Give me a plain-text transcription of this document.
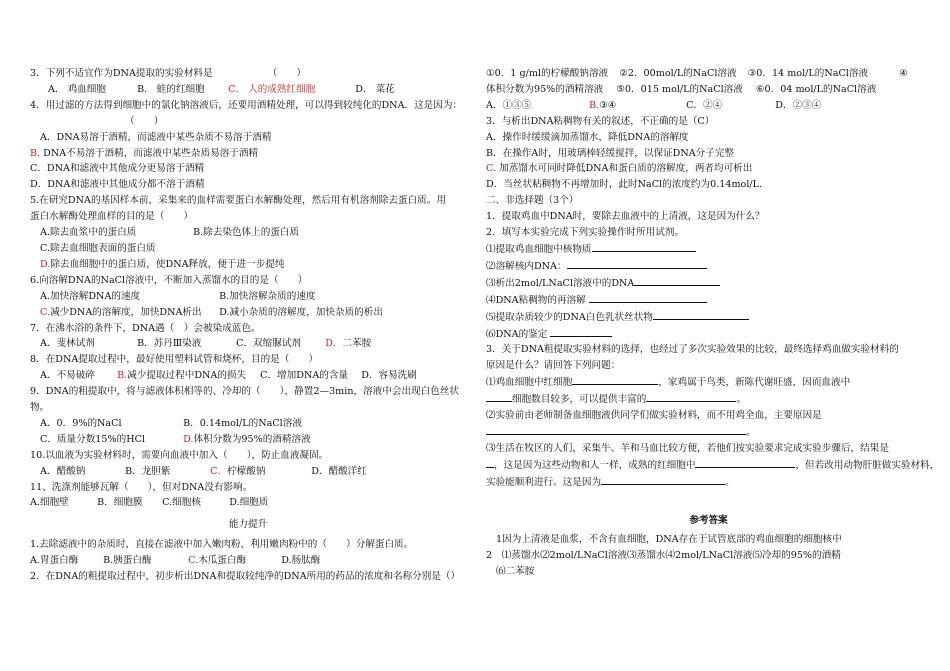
3．下列不适宜作为DNA提取的实验材料是	（　　）
A． 鸡血细胞	B． 蛙的红细胞 C． 人的成熟红细胞	D． 菜花
4．用过滤的方法得到细胞中的氯化钠溶液后，还要用酒精处理，可以得到较纯化的DNA．这是因为：
（　　）
A．DNA易溶于酒精，而滤液中某些杂质不易溶于酒精
B. DNA不易溶于酒精，而滤液中某些杂质易溶于酒精
C．DNA和滤液中其他成分更易溶于酒精
D．DNA和滤液中其他成分都不溶于酒精
5.在研究DNA的基因样本前，采集来的血样需要蛋白水解酶处理，然后用有机溶剂除去蛋白质。用
蛋白水解酶处理血样的目的是（　　）
A.除去血浆中的蛋白质	B.除去染色体上的蛋白质
C.除去血细胞表面的蛋白质
D.除去血细胞中的蛋白质，使DNA释放，便于进一步提纯
6.向溶解DNA的NaCl溶液中，不断加入蒸馏水的目的是（　　）
A.加快溶解DNA的速度	B.加快溶解杂质的速度
C.减少DNA的溶解度，加快DNA析出 D.减小杂质的溶解度，加快杂质的析出
7．在沸水浴的条件下，DNA遇（　）会被染成蓝色。
A．斐林试剂	B．苏丹Ⅲ染液	C．双缩脲试剂	D．二苯胺
8．在DNA提取过程中，最好使用塑料试管和烧杯，目的是（　　）
A．不易破碎 B.减少提取过程中DNA的损失 C．增加DNA的含量 D．容易洗刷
9．DNA的粗提取中，将与滤液体积相等的、冷却的（　　），静置2—3min，溶液中会出现白色丝状
物。
A．0．9%的NaCl	B．0.14mol/L的NaCl溶液
C．质量分数15%的HCl	D.体积分数为95%的酒精溶液
10.以血液为实验材料时，需要向血液中加入（　　），防止血液凝固。
A．醋酸钠	B．龙胆紫	C．柠檬酸钠	D．醋酸洋红
11、洗涤剂能够瓦解（　　），但对DNA没有影响。
A.细胞壁	B．细胞膜 C.细胞核	D.细胞质
能力提升
1.去除滤液中的杂质时，直接在滤液中加入嫩肉粉，利用嫩肉粉中的（　　）分解蛋白质。
A.胃蛋白酶	B.胰蛋白酶	C.木瓜蛋白酶	D.肠肽酶
2．在DNA的粗提取过程中，初步析出DNA和提取较纯净的DNA所用的药品的浓度和名称分别是（）
①0．1 g/ml的柠檬酸钠溶液 ②2．00mol/L的NaCl溶液 ③0．14 mol/L的NaCl溶液	④
体积分数为95%的酒精溶液 ⑤0．015 mol/L的NaCl溶液 ⑥0．04 mol/L的NaCl溶液
A．①③⑤	B.③④	C．②④	D．②③④
3．与析出DNA粘稠物有关的叙述，不正确的是（C）
A．操作时缓缓滴加蒸馏水，降低DNA的溶解度
B．在操作A时，用玻璃棒轻缓搅拌，以保证DNA分子完整
C. 加蒸馏水可同时降低DNA和蛋白质的溶解度，两者均可析出
D．当丝状粘稠物不再增加时，此时NaCl的浓度约为0.14mol/L.
二、非选择题（3个）
1．提取鸡血中DNA时，要除去血液中的上清液，这是因为什么？
2．填写本实验完成下列实验操作时所用试剂。
⑴提取鸡血细胞中核物质
⑵溶解核内DNA：
⑶析出2mol/LNaCl溶液中的DNA
⑷DNA粘稠物的再溶解
⑸提取杂质较少的DNA白色乳状丝状物
⑹DNA的鉴定
3．关于DNA粗提取实验材料的选择，也经过了多次实验效果的比较，最终选择鸡血做实验材料的
原因是什么？请回答下列问题：
⑴鸡血细胞中红细胞	，家鸡属于鸟类，新陈代谢旺盛，因而血液中
细胞数目较多，可以提供丰富的	。
⑵实验前由老师制备血细胞液供同学们做实验材料，而不用鸡全血，主要原因是
。
⑶生活在牧区的人们，采集牛、羊和马血比较方便，若他们按实验要求完成实验步骤后，结果是
，这是因为这些动物和人一样，成熟的红细胞中	，但若改用动物肝脏做实验材料，
实验能顺利进行。这是因为	。
参考答案
1因为上清液是血浆，不含有血细胞，DNA存在于试管底部的鸡血细胞的细胞核中
2　⑴蒸馏水⑵2mol/LNaCl溶液⑶蒸馏水⑷2mol/LNaCl溶液⑸冷却的95%的酒精
⑹二苯胺
